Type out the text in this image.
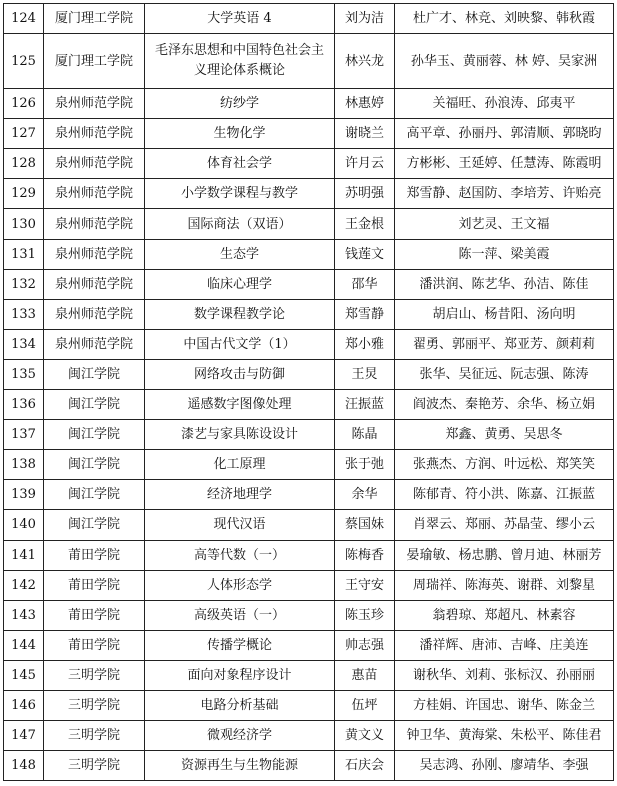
124	厦门理工学院	大学英语 4	刘为洁	杜广才、林竞、刘映黎、韩秋霞
125	厦门理工学院	毛泽东思想和中国特色社会主义理论体系概论	林兴龙	孙华玉、黄丽蓉、林 婷、吴家洲
126	泉州师范学院	纺纱学	林惠婷	关福旺、孙浪涛、邱夷平
127	泉州师范学院	生物化学	谢晓兰	高平章、孙丽丹、郭清顺、郭晓昀
128	泉州师范学院	体育社会学	许月云	方彬彬、王延婷、任慧涛、陈霞明
129	泉州师范学院	小学数学课程与教学	苏明强	郑雪静、赵国防、李培芳、许贻亮
130	泉州师范学院	国际商法（双语）	王金根	刘艺灵、王文福
131	泉州师范学院	生态学	钱莲文	陈一萍、梁美霞
132	泉州师范学院	临床心理学	邵华	潘洪润、陈艺华、孙洁、陈佳
133	泉州师范学院	数学课程教学论	郑雪静	胡启山、杨昔阳、汤向明
134	泉州师范学院	中国古代文学（1）	郑小雅	翟勇、郭丽平、郑亚芳、颜莉莉
135	闽江学院	网络攻击与防御	王炅	张华、吴征远、阮志强、陈涛
136	闽江学院	遥感数字图像处理	汪振蓝	阎波杰、秦艳芳、余华、杨立娟
137	闽江学院	漆艺与家具陈设设计	陈晶	郑鑫、黄勇、吴思冬
138	闽江学院	化工原理	张于弛	张燕杰、方润、叶远松、郑笑笑
139	闽江学院	经济地理学	余华	陈郁青、符小洪、陈嘉、江振蓝
140	闽江学院	现代汉语	蔡国妹	肖翠云、郑丽、苏晶莹、缪小云
141	莆田学院	高等代数（一）	陈梅香	晏瑜敏、杨忠鹏、曾月迪、林丽芳
142	莆田学院	人体形态学	王守安	周瑞祥、陈海英、谢群、刘黎星
143	莆田学院	高级英语（一）	陈玉珍	翁碧琼、郑超凡、林素容
144	莆田学院	传播学概论	帅志强	潘祥辉、唐沛、吉峰、庄美连
145	三明学院	面向对象程序设计	惠苗	谢秋华、刘莉、张标汉、孙丽丽
146	三明学院	电路分析基础	伍坪	方桂娟、许国忠、谢华、陈金兰
147	三明学院	微观经济学	黄文义	钟卫华、黄海棠、朱松平、陈佳君
148	三明学院	资源再生与生物能源	石庆会	吴志鸿、孙刚、廖靖华、李强
